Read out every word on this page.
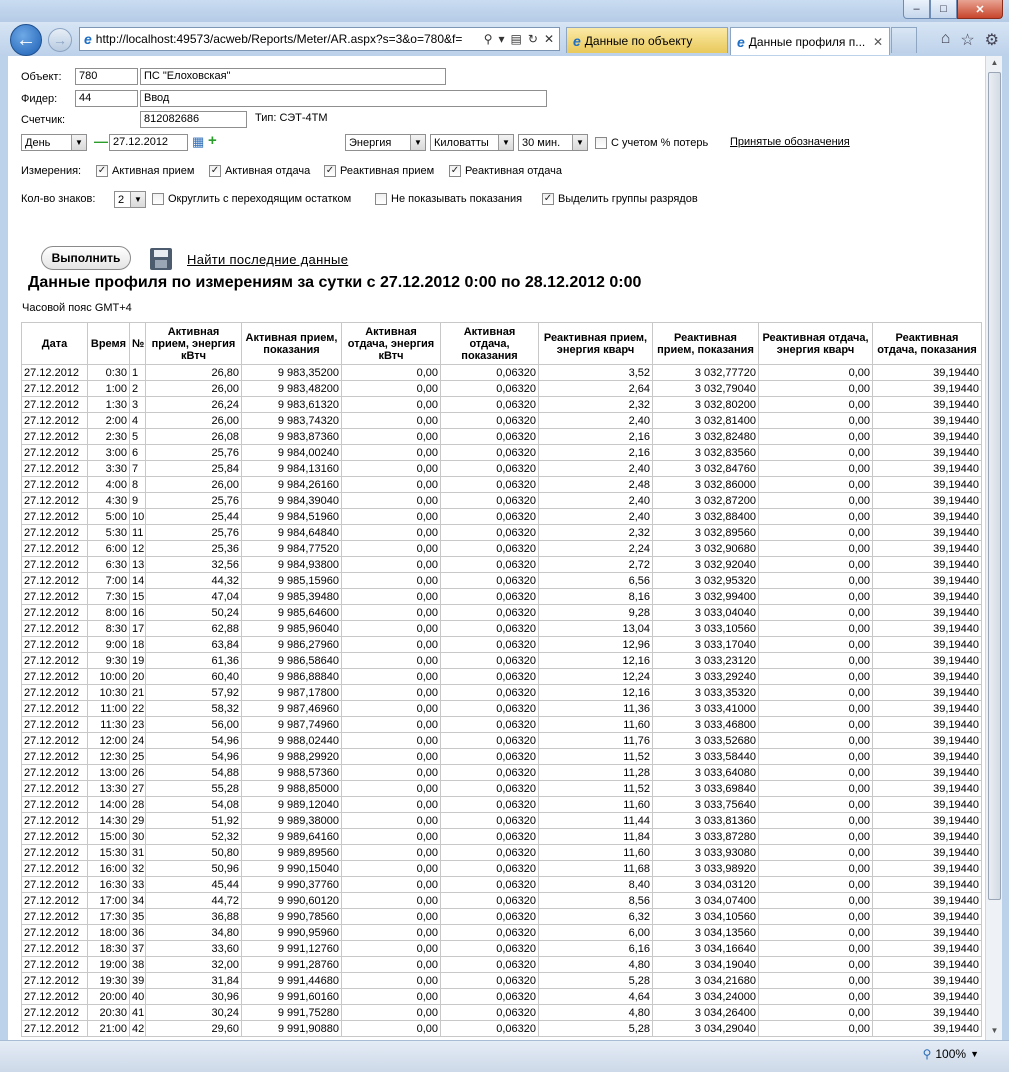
–	□	✕
← → e http://localhost:49573/acweb/Reports/Meter/AR.aspx?s=3&o=780&f=	⚲ ▾ ▤ ↻ ✕ e Данные по объекту	e Данные профиля п... ✕	⌂ ☆ ⚙
Объект:	780	ПС "Елоховская"
Фидер:	44	Ввод
Счетчик:	812082686	Тип: СЭТ-4ТМ
День	▼ — 27.12.2012	▦ +	Энергия	▼ Киловатты	▼ 30 мин.	▼ С учетом % потерь Принятые обозначения
Измерения: ✓ Активная прием ✓ Активная отдача ✓ Реактивная прием ✓ Реактивная отдача
Кол-во знаков: 2	▼ Округлить с переходящим остатком	Не показывать показания ✓ Выделить группы разрядов
Выполнить	Найти последние данные
Данные профиля по измерениям за сутки с 27.12.2012 0:00 по 28.12.2012 0:00
Часовой пояс GMT+4
Дата	Время	№	Активная прием, энергия кВтч	Активная прием, показания	Активная отдача, энергия кВтч	Активная отдача, показания	Реактивная прием, энергия кварч	Реактивная прием, показания	Реактивная отдача, энергия кварч	Реактивная отдача, показания
27.12.2012	0:30	1	26,80	9 983,35200	0,00	0,06320	3,52	3 032,77720	0,00	39,19440
27.12.2012	1:00	2	26,00	9 983,48200	0,00	0,06320	2,64	3 032,79040	0,00	39,19440
27.12.2012	1:30	3	26,24	9 983,61320	0,00	0,06320	2,32	3 032,80200	0,00	39,19440
27.12.2012	2:00	4	26,00	9 983,74320	0,00	0,06320	2,40	3 032,81400	0,00	39,19440
27.12.2012	2:30	5	26,08	9 983,87360	0,00	0,06320	2,16	3 032,82480	0,00	39,19440
27.12.2012	3:00	6	25,76	9 984,00240	0,00	0,06320	2,16	3 032,83560	0,00	39,19440
27.12.2012	3:30	7	25,84	9 984,13160	0,00	0,06320	2,40	3 032,84760	0,00	39,19440
27.12.2012	4:00	8	26,00	9 984,26160	0,00	0,06320	2,48	3 032,86000	0,00	39,19440
27.12.2012	4:30	9	25,76	9 984,39040	0,00	0,06320	2,40	3 032,87200	0,00	39,19440
27.12.2012	5:00	10	25,44	9 984,51960	0,00	0,06320	2,40	3 032,88400	0,00	39,19440
27.12.2012	5:30	11	25,76	9 984,64840	0,00	0,06320	2,32	3 032,89560	0,00	39,19440
27.12.2012	6:00	12	25,36	9 984,77520	0,00	0,06320	2,24	3 032,90680	0,00	39,19440
27.12.2012	6:30	13	32,56	9 984,93800	0,00	0,06320	2,72	3 032,92040	0,00	39,19440
27.12.2012	7:00	14	44,32	9 985,15960	0,00	0,06320	6,56	3 032,95320	0,00	39,19440
27.12.2012	7:30	15	47,04	9 985,39480	0,00	0,06320	8,16	3 032,99400	0,00	39,19440
27.12.2012	8:00	16	50,24	9 985,64600	0,00	0,06320	9,28	3 033,04040	0,00	39,19440
27.12.2012	8:30	17	62,88	9 985,96040	0,00	0,06320	13,04	3 033,10560	0,00	39,19440
27.12.2012	9:00	18	63,84	9 986,27960	0,00	0,06320	12,96	3 033,17040	0,00	39,19440
27.12.2012	9:30	19	61,36	9 986,58640	0,00	0,06320	12,16	3 033,23120	0,00	39,19440
27.12.2012	10:00	20	60,40	9 986,88840	0,00	0,06320	12,24	3 033,29240	0,00	39,19440
27.12.2012	10:30	21	57,92	9 987,17800	0,00	0,06320	12,16	3 033,35320	0,00	39,19440
27.12.2012	11:00	22	58,32	9 987,46960	0,00	0,06320	11,36	3 033,41000	0,00	39,19440
27.12.2012	11:30	23	56,00	9 987,74960	0,00	0,06320	11,60	3 033,46800	0,00	39,19440
27.12.2012	12:00	24	54,96	9 988,02440	0,00	0,06320	11,76	3 033,52680	0,00	39,19440
27.12.2012	12:30	25	54,96	9 988,29920	0,00	0,06320	11,52	3 033,58440	0,00	39,19440
27.12.2012	13:00	26	54,88	9 988,57360	0,00	0,06320	11,28	3 033,64080	0,00	39,19440
27.12.2012	13:30	27	55,28	9 988,85000	0,00	0,06320	11,52	3 033,69840	0,00	39,19440
27.12.2012	14:00	28	54,08	9 989,12040	0,00	0,06320	11,60	3 033,75640	0,00	39,19440
27.12.2012	14:30	29	51,92	9 989,38000	0,00	0,06320	11,44	3 033,81360	0,00	39,19440
27.12.2012	15:00	30	52,32	9 989,64160	0,00	0,06320	11,84	3 033,87280	0,00	39,19440
27.12.2012	15:30	31	50,80	9 989,89560	0,00	0,06320	11,60	3 033,93080	0,00	39,19440
27.12.2012	16:00	32	50,96	9 990,15040	0,00	0,06320	11,68	3 033,98920	0,00	39,19440
27.12.2012	16:30	33	45,44	9 990,37760	0,00	0,06320	8,40	3 034,03120	0,00	39,19440
27.12.2012	17:00	34	44,72	9 990,60120	0,00	0,06320	8,56	3 034,07400	0,00	39,19440
27.12.2012	17:30	35	36,88	9 990,78560	0,00	0,06320	6,32	3 034,10560	0,00	39,19440
27.12.2012	18:00	36	34,80	9 990,95960	0,00	0,06320	6,00	3 034,13560	0,00	39,19440
27.12.2012	18:30	37	33,60	9 991,12760	0,00	0,06320	6,16	3 034,16640	0,00	39,19440
27.12.2012	19:00	38	32,00	9 991,28760	0,00	0,06320	4,80	3 034,19040	0,00	39,19440
27.12.2012	19:30	39	31,84	9 991,44680	0,00	0,06320	5,28	3 034,21680	0,00	39,19440
27.12.2012	20:00	40	30,96	9 991,60160	0,00	0,06320	4,64	3 034,24000	0,00	39,19440
27.12.2012	20:30	41	30,24	9 991,75280	0,00	0,06320	4,80	3 034,26400	0,00	39,19440
27.12.2012	21:00	42	29,60	9 991,90880	0,00	0,06320	5,28	3 034,29040	0,00	39,19440
▲
▼
⚲ 100% ▼
